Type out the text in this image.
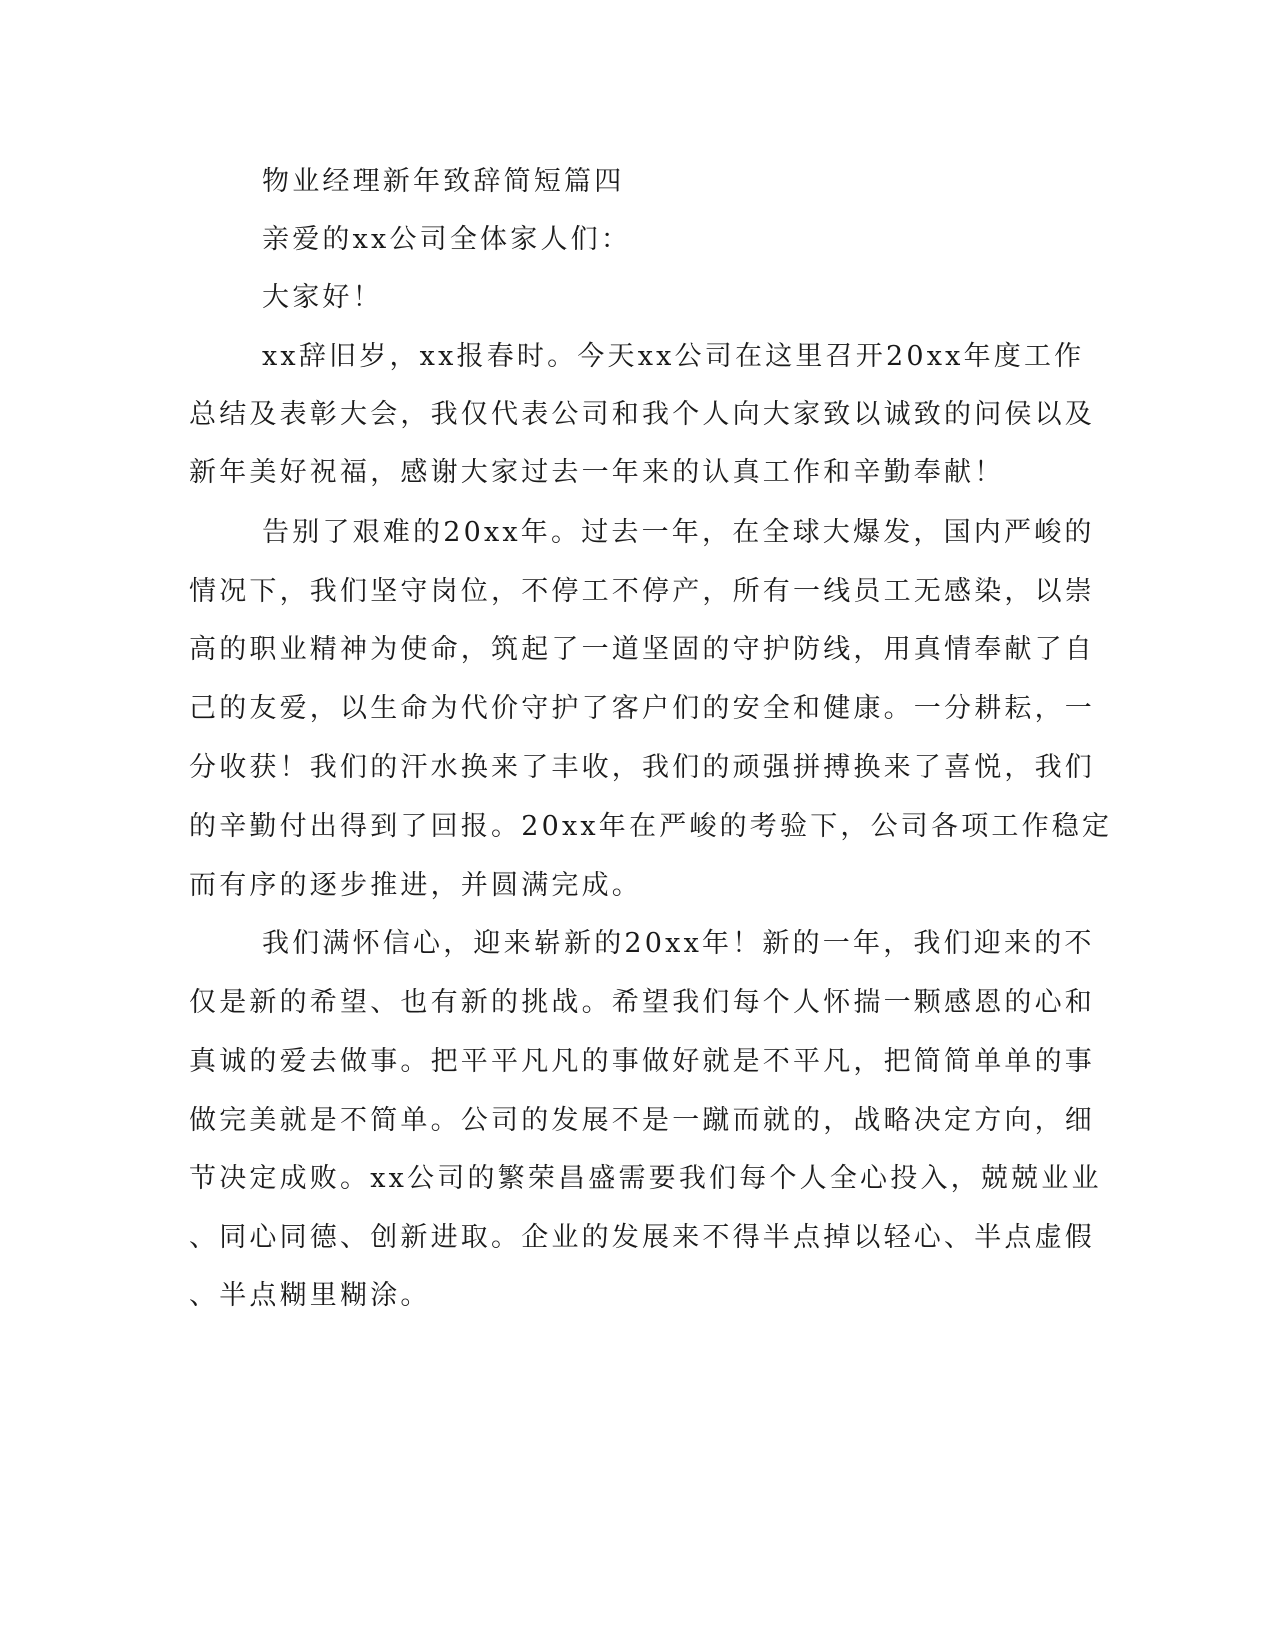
物业经理新年致辞简短篇四
亲爱的xx公司全体家人们：
大家好！
xx辞旧岁，xx报春时。今天xx公司在这里召开20xx年度工作
总结及表彰大会，我仅代表公司和我个人向大家致以诚致的问侯以及
新年美好祝福，感谢大家过去一年来的认真工作和辛勤奉献！
告别了艰难的20xx年。过去一年，在全球大爆发，国内严峻的
情况下，我们坚守岗位，不停工不停产，所有一线员工无感染，以崇
高的职业精神为使命，筑起了一道坚固的守护防线，用真情奉献了自
己的友爱，以生命为代价守护了客户们的安全和健康。一分耕耘，一
分收获！我们的汗水换来了丰收，我们的顽强拼搏换来了喜悦，我们
的辛勤付出得到了回报。20xx年在严峻的考验下，公司各项工作稳定
而有序的逐步推进，并圆满完成。
我们满怀信心，迎来崭新的20xx年！新的一年，我们迎来的不
仅是新的希望、也有新的挑战。希望我们每个人怀揣一颗感恩的心和
真诚的爱去做事。把平平凡凡的事做好就是不平凡，把简简单单的事
做完美就是不简单。公司的发展不是一蹴而就的，战略决定方向，细
节决定成败。xx公司的繁荣昌盛需要我们每个人全心投入，兢兢业业
、同心同德、创新进取。企业的发展来不得半点掉以轻心、半点虚假
、半点糊里糊涂。
